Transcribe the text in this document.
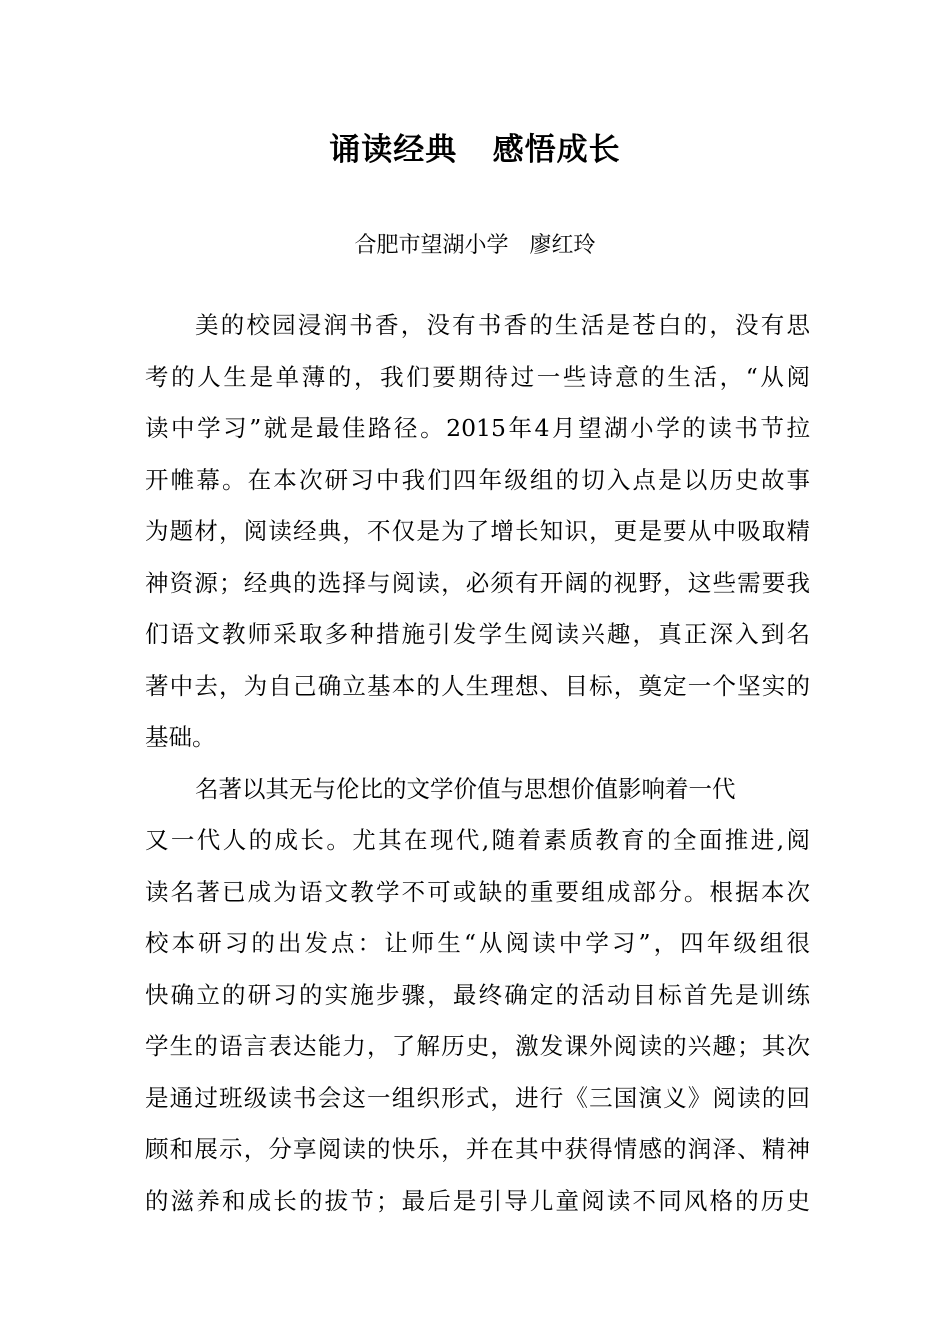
诵读经典   感悟成长
合肥市望湖小学   廖红玲
美的校园浸润书香，没有书香的生活是苍白的，没有思
考的人生是单薄的，我们要期待过一些诗意的生活，“从阅
读中学习”就是最佳路径。2015年4月望湖小学的读书节拉
开帷幕。在本次研习中我们四年级组的切入点是以历史故事
为题材，阅读经典，不仅是为了增长知识，更是要从中吸取精
神资源；经典的选择与阅读，必须有开阔的视野，这些需要我
们语文教师采取多种措施引发学生阅读兴趣，真正深入到名
著中去，为自己确立基本的人生理想、目标，奠定一个坚实的
基础。
名著以其无与伦比的文学价值与思想价值影响着一代
又一代人的成长。尤其在现代,随着素质教育的全面推进,阅
读名著已成为语文教学不可或缺的重要组成部分。根据本次
校本研习的出发点：让师生“从阅读中学习”，四年级组很
快确立的研习的实施步骤，最终确定的活动目标首先是训练
学生的语言表达能力，了解历史，激发课外阅读的兴趣；其次
是通过班级读书会这一组织形式，进行《三国演义》阅读的回
顾和展示，分享阅读的快乐，并在其中获得情感的润泽、精神
的滋养和成长的拔节；最后是引导儿童阅读不同风格的历史
